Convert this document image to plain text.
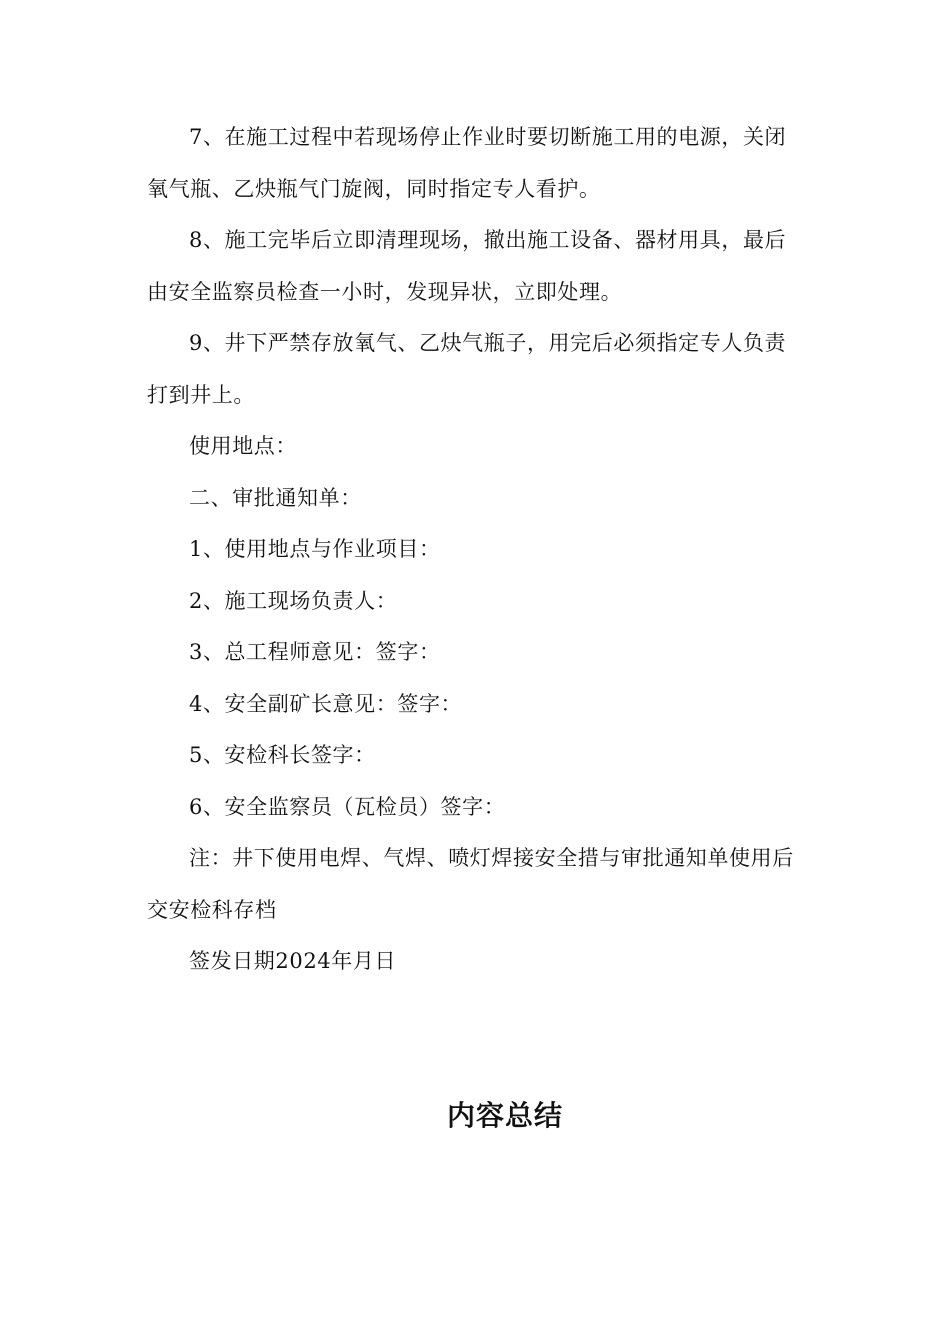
7、在施工过程中若现场停止作业时要切断施工用的电源，关闭氧气瓶、乙炔瓶气门旋阀，同时指定专人看护。

8、施工完毕后立即清理现场，撤出施工设备、器材用具，最后由安全监察员检查一小时，发现异状，立即处理。

9、井下严禁存放氧气、乙炔气瓶子，用完后必须指定专人负责打到井上。

使用地点：

二、审批通知单：

1、使用地点与作业项目：

2、施工现场负责人：

3、总工程师意见：签字：

4、安全副矿长意见：签字：

5、安检科长签字：

6、安全监察员（瓦检员）签字：

注：井下使用电焊、气焊、喷灯焊接安全措与审批通知单使用后交安检科存档

签发日期2024年月日

内容总结
